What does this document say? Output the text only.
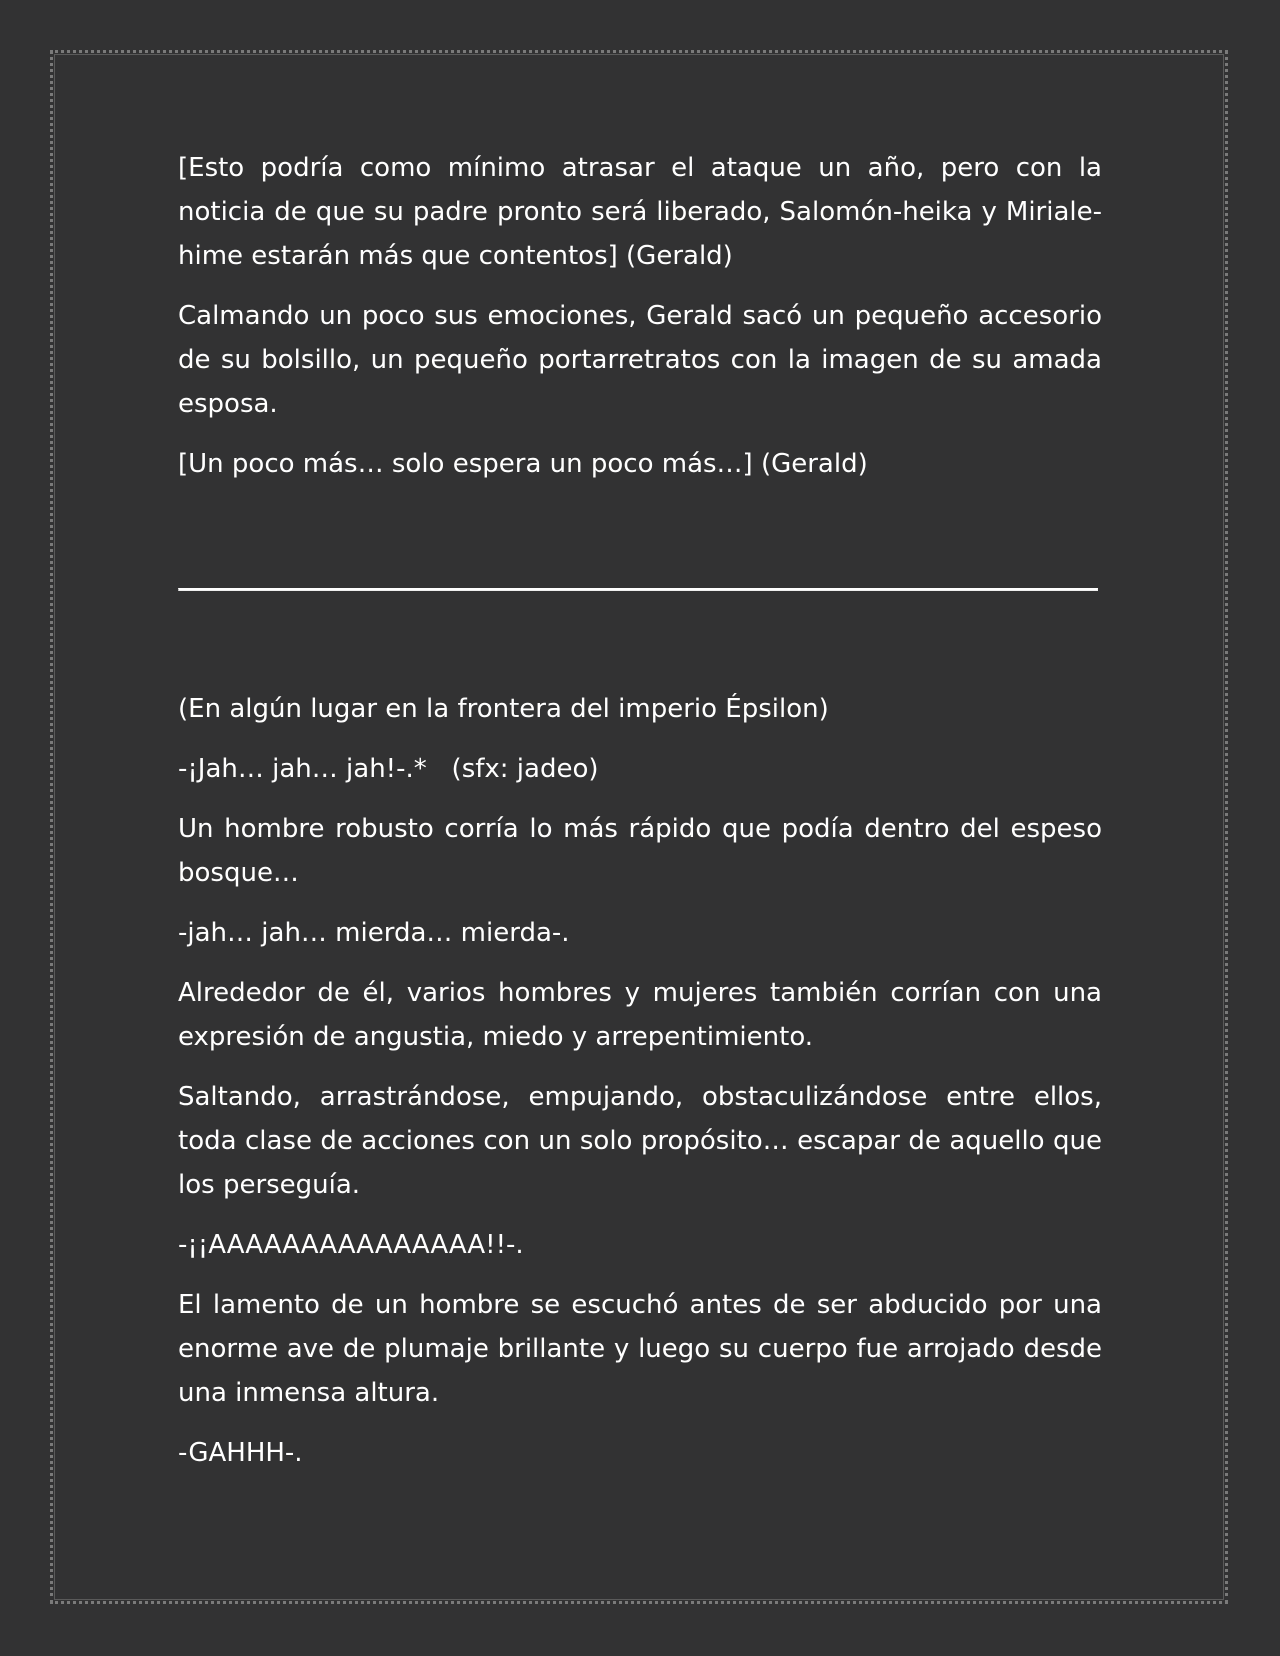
[Esto podría como mínimo atrasar el ataque un año, pero con la noticia de que su padre pronto será liberado, Salomón-heika y Miriale-hime estarán más que contentos] (Gerald)

Calmando un poco sus emociones, Gerald sacó un pequeño accesorio de su bolsillo, un pequeño portarretratos con la imagen de su amada esposa.

[Un poco más… solo espera un poco más…] (Gerald)

(En algún lugar en la frontera del imperio Épsilon)

-¡Jah… jah… jah!-.*   (sfx: jadeo)

Un hombre robusto corría lo más rápido que podía dentro del espeso bosque…

-jah… jah… mierda… mierda-.

Alrededor de él, varios hombres y mujeres también corrían con una expresión de angustia, miedo y arrepentimiento.

Saltando, arrastrándose, empujando, obstaculizándose entre ellos, toda clase de acciones con un solo propósito… escapar de aquello que los perseguía.

-¡¡AAAAAAAAAAAAAAA!!-.

El lamento de un hombre se escuchó antes de ser abducido por una enorme ave de plumaje brillante y luego su cuerpo fue arrojado desde una inmensa altura.

-GAHHH-.
